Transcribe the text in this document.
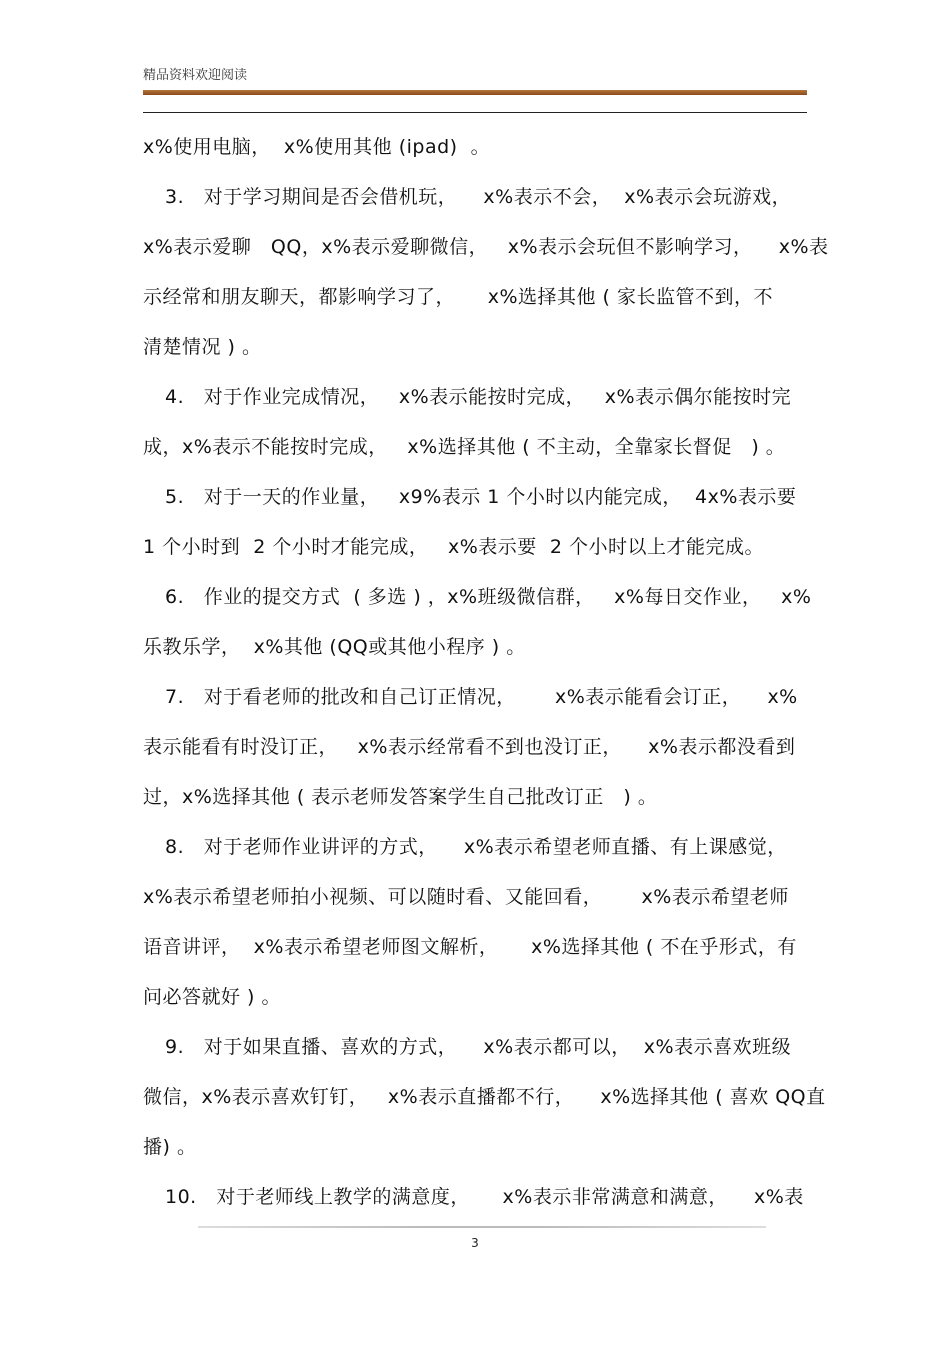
精品资料欢迎阅读
x%使用电脑，  x%使用其他 (ipad)  。
3.   对于学习期间是否会借机玩，    x%表示不会，  x%表示会玩游戏，
x%表示爱聊   QQ，x%表示爱聊微信，   x%表示会玩但不影响学习，    x%表
示经常和朋友聊天，都影响学习了，     x%选择其他 ( 家长监管不到，不
清楚情况 ) 。
4.   对于作业完成情况，   x%表示能按时完成，   x%表示偶尔能按时完
成，x%表示不能按时完成，   x%选择其他 ( 不主动，全靠家长督促   ) 。
5.   对于一天的作业量，   x9%表示 1 个小时以内能完成，  4x%表示要
1 个小时到  2 个小时才能完成，   x%表示要  2 个小时以上才能完成。
6.   作业的提交方式  ( 多选 ) ，x%班级微信群，   x%每日交作业，   x%
乐教乐学，  x%其他 (QQ或其他小程序 ) 。
7.   对于看老师的批改和自己订正情况，      x%表示能看会订正，    x%
表示能看有时没订正，   x%表示经常看不到也没订正，    x%表示都没看到
过，x%选择其他 ( 表示老师发答案学生自己批改订正   ) 。
8.   对于老师作业讲评的方式，    x%表示希望老师直播、有上课感觉，
x%表示希望老师拍小视频、可以随时看、又能回看，      x%表示希望老师
语音讲评，  x%表示希望老师图文解析，     x%选择其他 ( 不在乎形式，有
问必答就好 ) 。
9.   对于如果直播、喜欢的方式，    x%表示都可以，  x%表示喜欢班级
微信，x%表示喜欢钉钉，   x%表示直播都不行，    x%选择其他 ( 喜欢 QQ直
播) 。
10.   对于老师线上教学的满意度，     x%表示非常满意和满意，    x%表
3
